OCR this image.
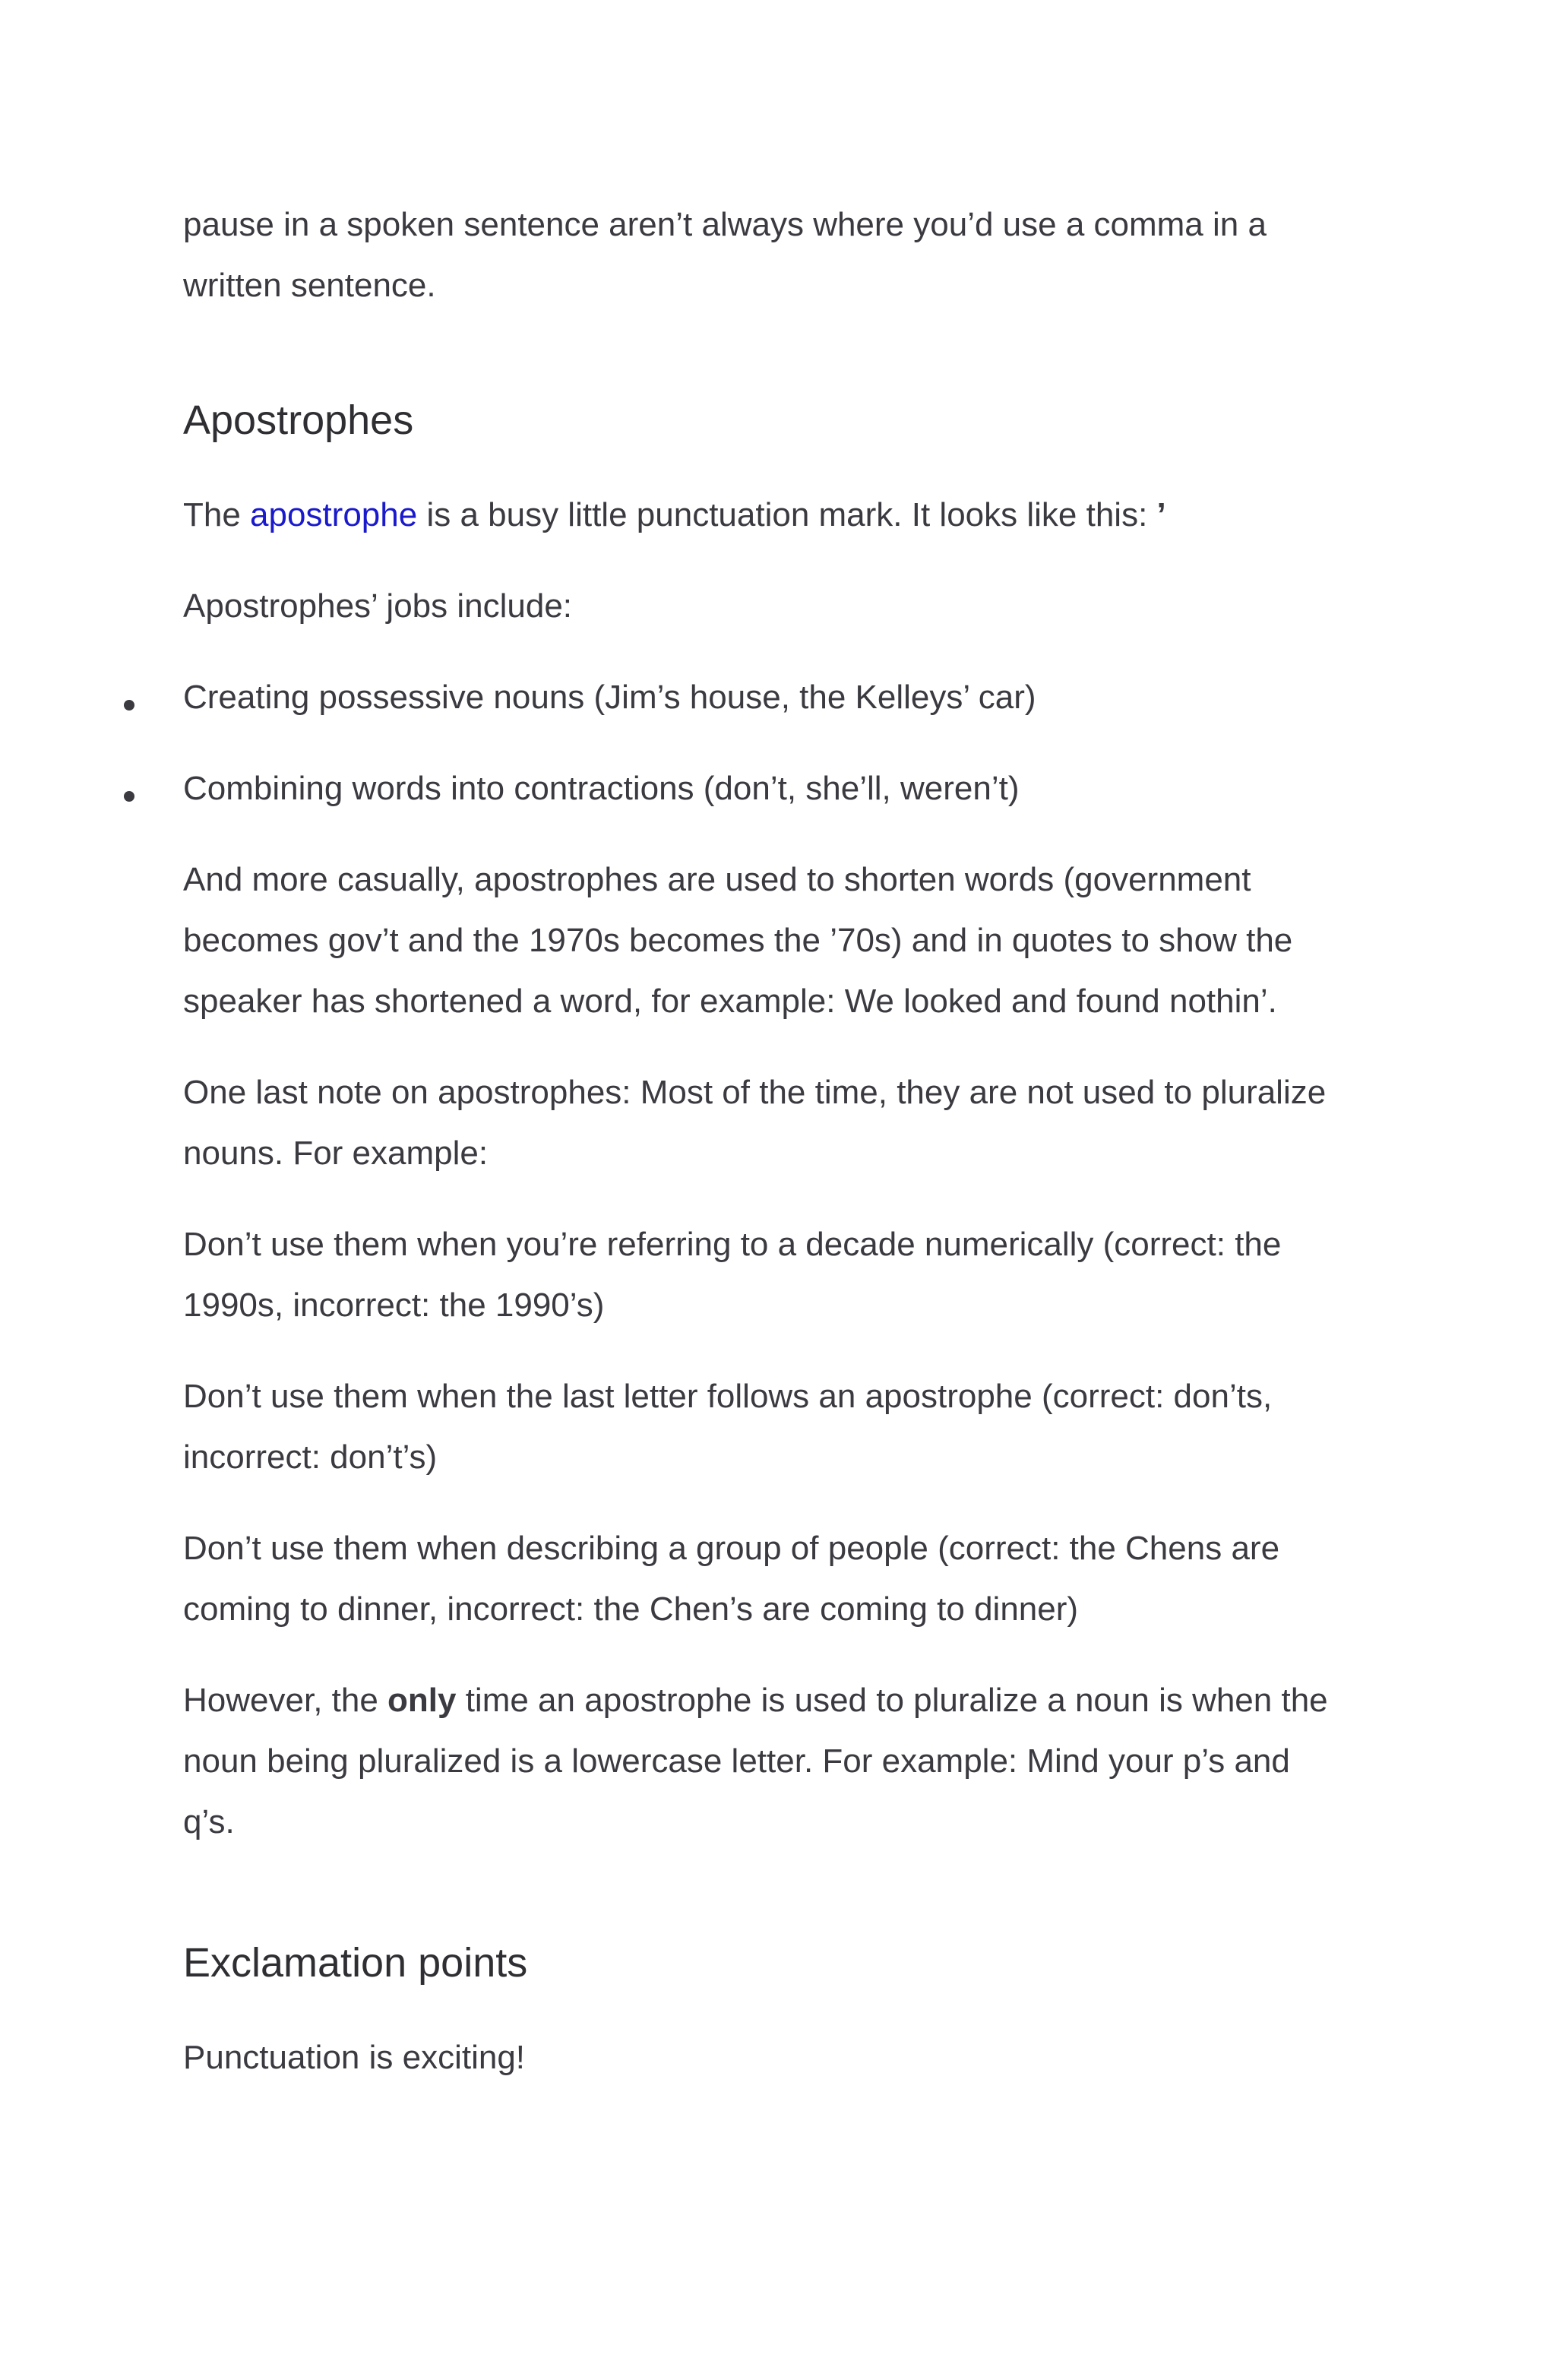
pause in a spoken sentence aren’t always where you’d use a comma in a
written sentence.
Apostrophes
The apostrophe is a busy little punctuation mark. It looks like this: ’
Apostrophes’ jobs include:
Creating possessive nouns (Jim’s house, the Kelleys’ car)
Combining words into contractions (don’t, she’ll, weren’t)
And more casually, apostrophes are used to shorten words (government
becomes gov’t and the 1970s becomes the ’70s) and in quotes to show the
speaker has shortened a word, for example: We looked and found nothin’.
One last note on apostrophes: Most of the time, they are not used to pluralize
nouns. For example:
Don’t use them when you’re referring to a decade numerically (correct: the
1990s, incorrect: the 1990’s)
Don’t use them when the last letter follows an apostrophe (correct: don’ts,
incorrect: don’t’s)
Don’t use them when describing a group of people (correct: the Chens are
coming to dinner, incorrect: the Chen’s are coming to dinner)
However, the only time an apostrophe is used to pluralize a noun is when the
noun being pluralized is a lowercase letter. For example: Mind your p’s and
q’s.
Exclamation points
Punctuation is exciting!
